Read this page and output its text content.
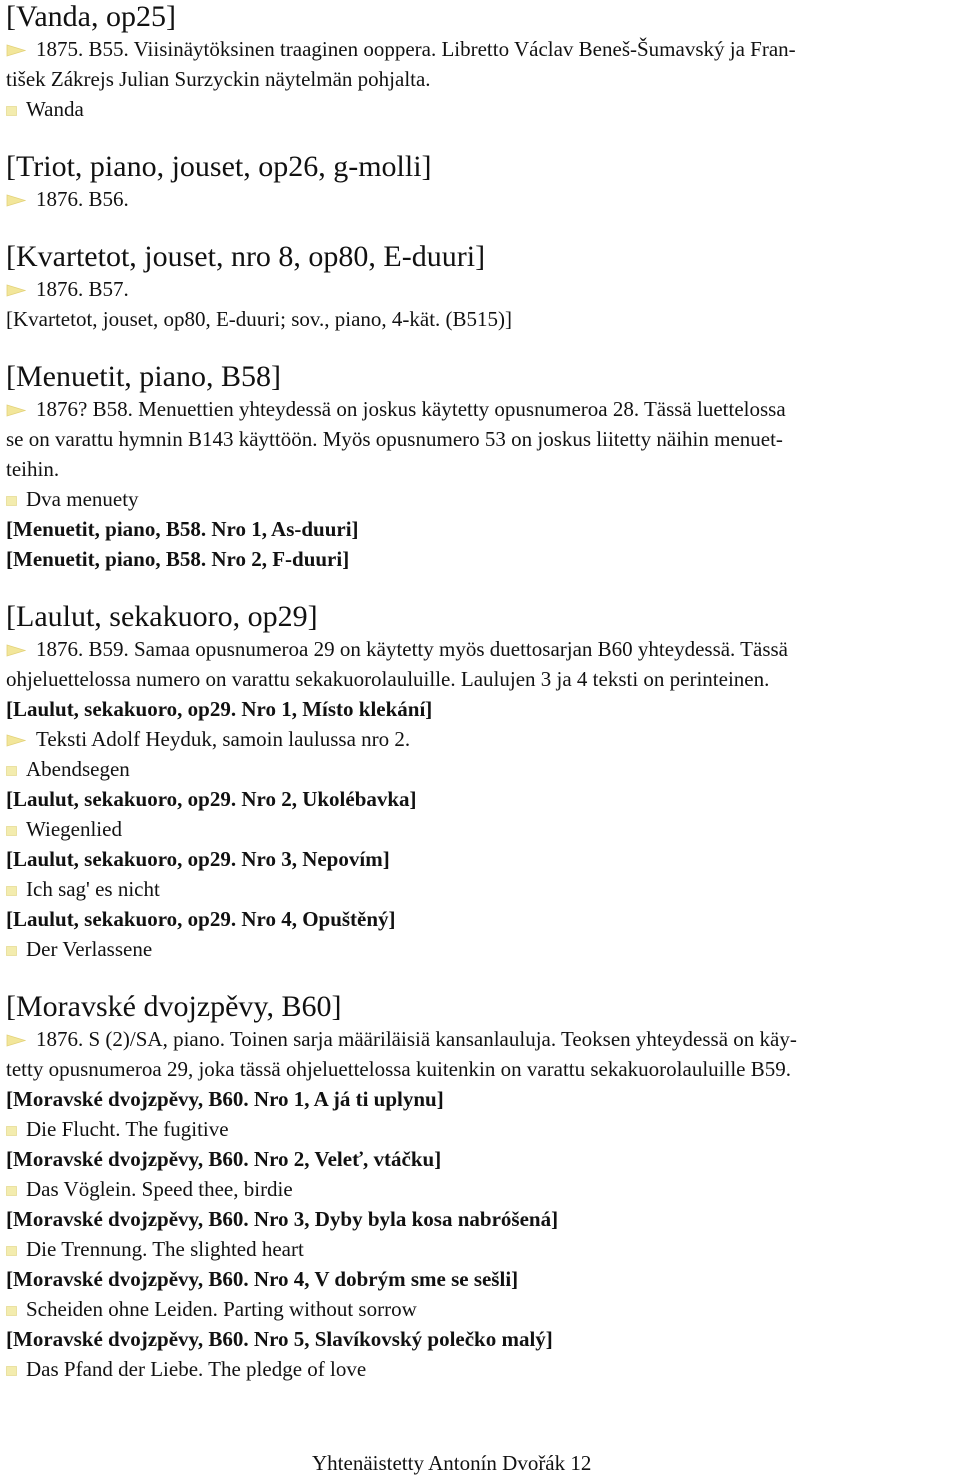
[Vanda, op25]
1875. B55. Viisinäytöksinen traaginen ooppera. Libretto Václav Beneš-Šumavský ja Fran-
tišek Zákrejs Julian Surzyckin näytelmän pohjalta.
Wanda
[Triot, piano, jouset, op26, g-molli]
1876. B56.
[Kvartetot, jouset, nro 8, op80, E-duuri]
1876. B57.
[Kvartetot, jouset, op80, E-duuri; sov., piano, 4-kät. (B515)]
[Menuetit, piano, B58]
1876? B58. Menuettien yhteydessä on joskus käytetty opusnumeroa 28. Tässä luettelossa
se on varattu hymnin B143 käyttöön. Myös opusnumero 53 on joskus liitetty näihin menuet-
teihin.
Dva menuety
[Menuetit, piano, B58. Nro 1, As-duuri]
[Menuetit, piano, B58. Nro 2, F-duuri]
[Laulut, sekakuoro, op29]
1876. B59. Samaa opusnumeroa 29 on käytetty myös duettosarjan B60 yhteydessä. Tässä
ohjeluettelossa numero on varattu sekakuorolauluille. Laulujen 3 ja 4 teksti on perinteinen.
[Laulut, sekakuoro, op29. Nro 1, Místo klekání]
Teksti Adolf Heyduk, samoin laulussa nro 2.
Abendsegen
[Laulut, sekakuoro, op29. Nro 2, Ukolébavka]
Wiegenlied
[Laulut, sekakuoro, op29. Nro 3, Nepovím]
Ich sag' es nicht
[Laulut, sekakuoro, op29. Nro 4, Opuštěný]
Der Verlassene
[Moravské dvojzpěvy, B60]
1876. S (2)/SA, piano. Toinen sarja määriläisiä kansanlauluja. Teoksen yhteydessä on käy-
tetty opusnumeroa 29, joka tässä ohjeluettelossa kuitenkin on varattu sekakuorolauluille B59.
[Moravské dvojzpěvy, B60. Nro 1, A já ti uplynu]
Die Flucht. The fugitive
[Moravské dvojzpěvy, B60. Nro 2, Veleť, vtáčku]
Das Vöglein. Speed thee, birdie
[Moravské dvojzpěvy, B60. Nro 3, Dyby byla kosa nabróšená]
Die Trennung. The slighted heart
[Moravské dvojzpěvy, B60. Nro 4, V dobrým sme se sešli]
Scheiden ohne Leiden. Parting without sorrow
[Moravské dvojzpěvy, B60. Nro 5, Slavíkovský polečko malý]
Das Pfand der Liebe. The pledge of love
Yhtenäistetty Antonín Dvořák 12
